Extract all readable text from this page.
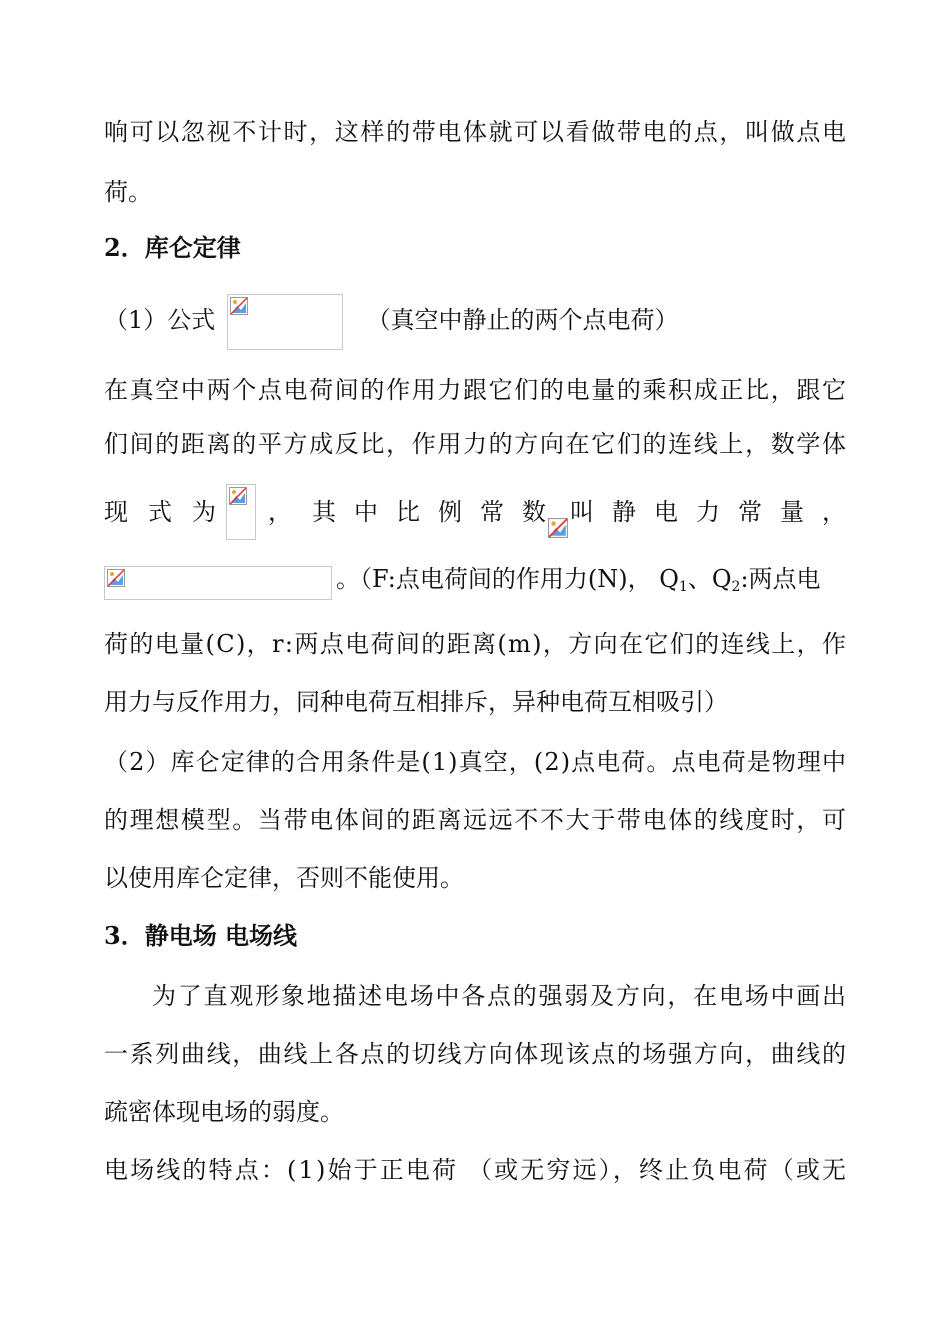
响可以忽视不计时，这样的带电体就可以看做带电的点，叫做点电
荷。
2．库仑定律
（1）公式	（真空中静止的两个点电荷）
在真空中两个点电荷间的作用力跟它们的电量的乘积成正比，跟它
们间的距离的平方成反比，作用力的方向在它们的连线上，数学体
现 式 为 ， 其 中 比 例 常 数 叫 静 电 力 常 量 ，
。（F:点电荷间的作用力(N)， $Q_1$、$Q_2$:两点电
荷的电量(C)，r:两点电荷间的距离(m)，方向在它们的连线上，作
用力与反作用力，同种电荷互相排斥，异种电荷互相吸引）
（2）库仑定律的合用条件是(1)真空，(2)点电荷。点电荷是物理中
的理想模型。当带电体间的距离远远不不大于带电体的线度时，可
以使用库仑定律，否则不能使用。
3．静电场 电场线
为了直观形象地描述电场中各点的强弱及方向，在电场中画出
一系列曲线，曲线上各点的切线方向体现该点的场强方向，曲线的
疏密体现电场的弱度。
电场线的特点：(1)始于正电荷 （或无穷远），终止负电荷（或无
